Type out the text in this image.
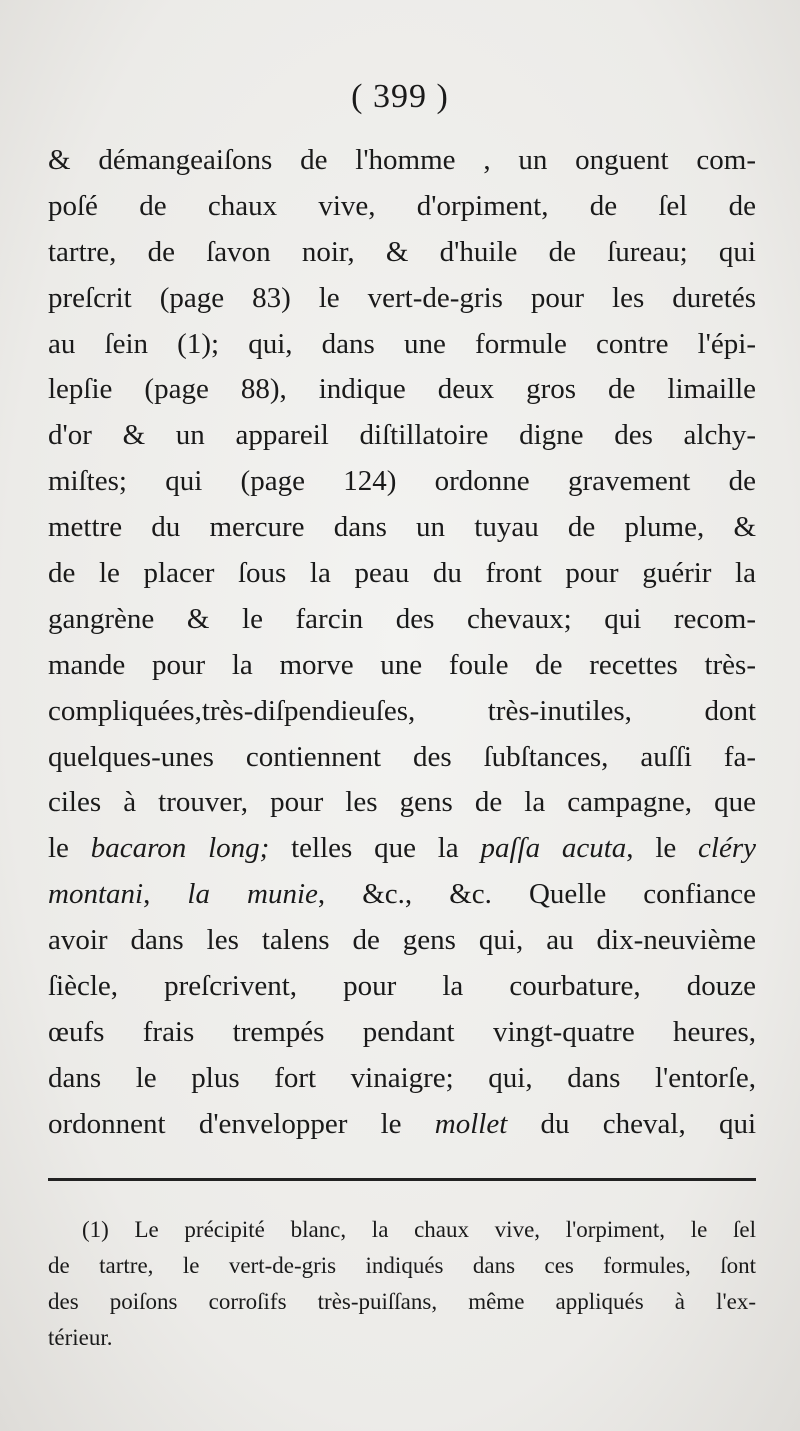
( 399 )
& démangeaiſons de l'homme , un onguent com-
poſé de chaux vive, d'orpiment, de ſel de
tartre, de ſavon noir, & d'huile de ſureau; qui
preſcrit (page 83) le vert-de-gris pour les duretés
au ſein (1); qui, dans une formule contre l'épi-
lepſie (page 88), indique deux gros de limaille
d'or & un appareil diſtillatoire digne des alchy-
miſtes; qui (page 124) ordonne gravement de
mettre du mercure dans un tuyau de plume, &
de le placer ſous la peau du front pour guérir la
gangrène & le farcin des chevaux; qui recom-
mande pour la morve une foule de recettes très-
compliquées,très-diſpendieuſes, très-inutiles, dont
quelques-unes contiennent des ſubſtances, auſſi fa-
ciles à trouver, pour les gens de la campagne, que
le bacaron long; telles que la paſſa acuta, le cléry
montani, la munie, &c., &c. Quelle confiance
avoir dans les talens de gens qui, au dix-neuvième
ſiècle, preſcrivent, pour la courbature, douze
œufs frais trempés pendant vingt-quatre heures,
dans le plus fort vinaigre; qui, dans l'entorſe,
ordonnent d'envelopper le mollet du cheval, qui
(1) Le précipité blanc, la chaux vive, l'orpiment, le ſel
de tartre, le vert-de-gris indiqués dans ces formules, ſont
des poiſons corroſifs très-puiſſans, même appliqués à l'ex-
térieur.
